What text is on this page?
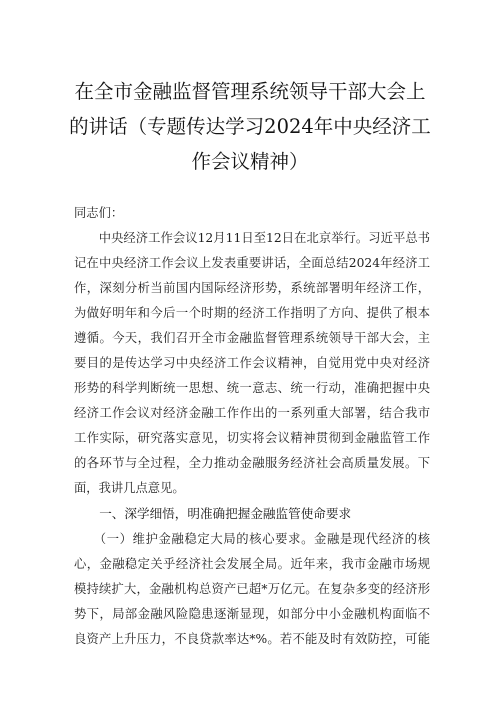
在全市金融监督管理系统领导干部大会上
的讲话（专题传达学习2024年中央经济工
作会议精神）

同志们：

　　中央经济工作会议12月11日至12日在北京举行。习近平总书
记在中央经济工作会议上发表重要讲话，全面总结2024年经济工
作，深刻分析当前国内国际经济形势，系统部署明年经济工作，
为做好明年和今后一个时期的经济工作指明了方向、提供了根本
遵循。今天，我们召开全市金融监督管理系统领导干部大会，主
要目的是传达学习中央经济工作会议精神，自觉用党中央对经济
形势的科学判断统一思想、统一意志、统一行动，准确把握中央
经济工作会议对经济金融工作作出的一系列重大部署，结合我市
工作实际，研究落实意见，切实将会议精神贯彻到金融监管工作
的各环节与全过程，全力推动金融服务经济社会高质量发展。下
面，我讲几点意见。

　　一、深学细悟，明准确把握金融监管使命要求

　　（一）维护金融稳定大局的核心要求。金融是现代经济的核
心，金融稳定关乎经济社会发展全局。近年来，我市金融市场规
模持续扩大，金融机构总资产已超*万亿元。在复杂多变的经济形
势下，局部金融风险隐患逐渐显现，如部分中小金融机构面临不
良资产上升压力，不良贷款率达*%。若不能及时有效防控，可能
